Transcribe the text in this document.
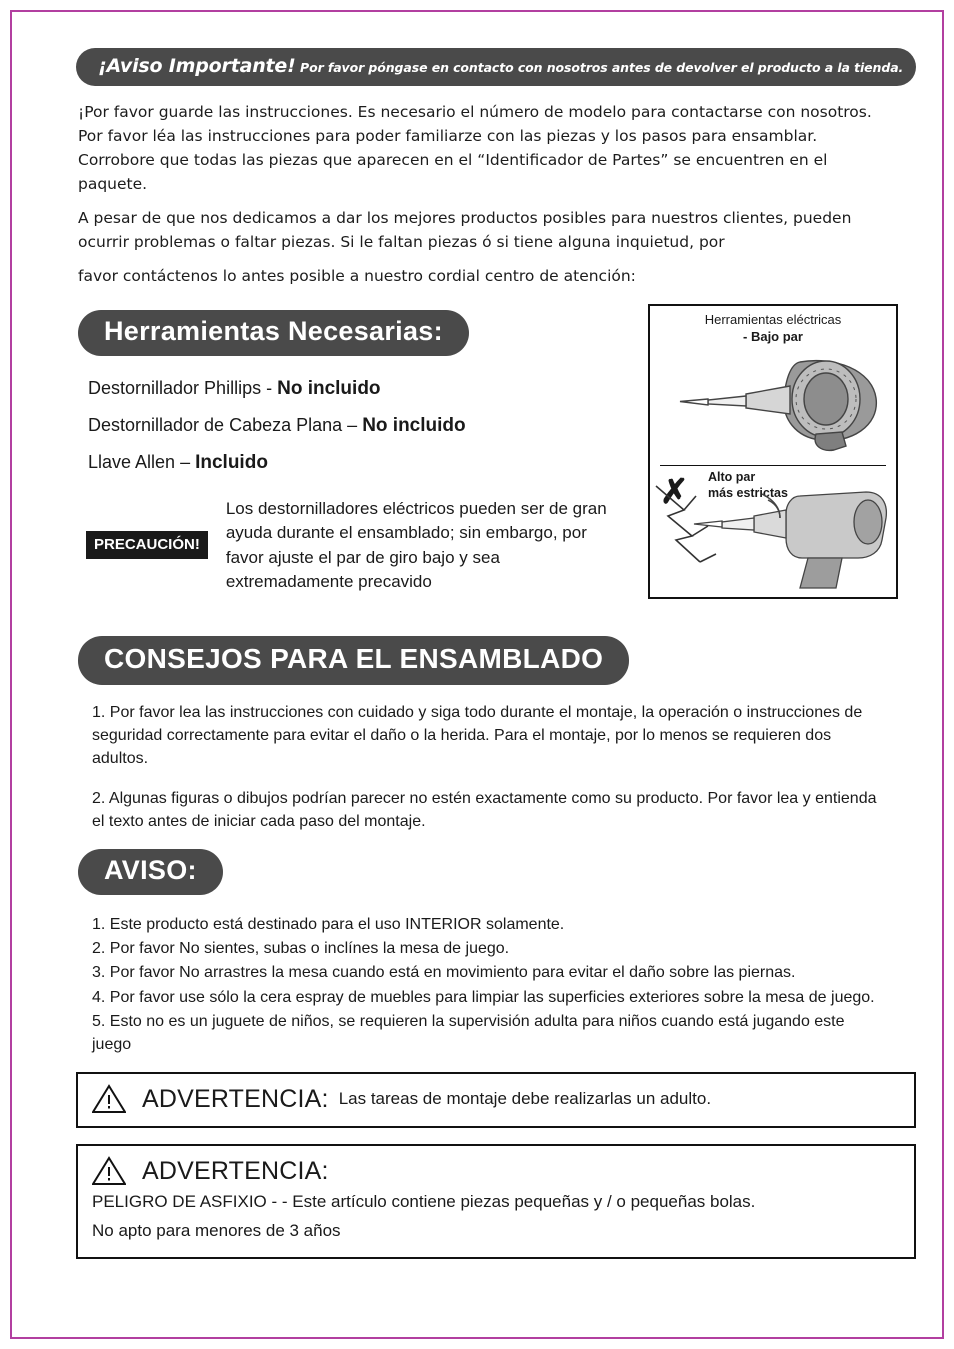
¡Aviso Importante! Por favor póngase en contacto con nosotros antes de devolver el producto a la tienda.

¡Por favor guarde las instrucciones. Es necesario el número de modelo para contactarse con nosotros. Por favor léa las instrucciones para poder familiarze con las piezas y los pasos para ensamblar. Corrobore que todas las piezas que aparecen en el “Identificador de Partes” se encuentren en el paquete.

A pesar de que nos dedicamos a dar los mejores productos posibles para nuestros clientes, pueden ocurrir problemas o faltar piezas. Si le faltan piezas ó si tiene alguna inquietud, por

favor contáctenos lo antes posible a nuestro cordial centro de atención:

Herramientas Necesarias:
Destornillador Phillips - No incluido
Destornillador de Cabeza Plana – No incluido
Llave Allen – Incluido
PRECAUCIÓN!
Los destornilladores eléctricos pueden ser de gran ayuda durante el ensamblado; sin embargo, por favor ajuste el par de giro bajo y sea extremadamente precavido
Herramientas eléctricas
- Bajo par
✗ Alto par
más estrictas
CONSEJOS PARA EL ENSAMBLADO

1. Por favor lea las instrucciones con cuidado y siga todo durante el montaje, la operación o instrucciones de seguridad correctamente para evitar el daño o la herida. Para el montaje, por lo menos se requieren dos adultos.

2. Algunas figuras o dibujos podrían parecer no estén exactamente como su producto. Por favor lea y entienda el texto antes de iniciar cada paso del montaje.

AVISO:

1. Este producto está destinado para el uso INTERIOR solamente.

2. Por favor No sientes, subas o inclínes la mesa de juego.

3. Por favor No arrastres la mesa cuando está en movimiento para evitar el daño sobre las piernas.

4. Por favor use sólo la cera espray de muebles para limpiar las superficies exteriores sobre la mesa de juego.

5. Esto no es un juguete de niños, se requieren la supervisión adulta para niños cuando está jugando este juego

ADVERTENCIA: Las tareas de montaje debe realizarlas un adulto.
ADVERTENCIA:
PELIGRO DE ASFIXIO - - Este artículo contiene piezas pequeñas y / o pequeñas bolas.
No apto para menores de 3 años
